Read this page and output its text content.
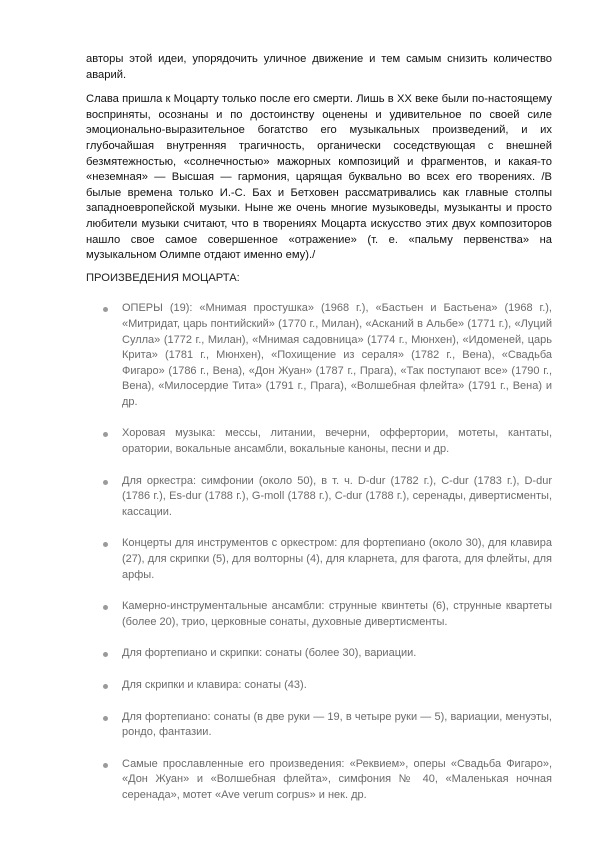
авторы этой идеи, упорядочить уличное движение и тем самым снизить количество аварий.

Слава пришла к Моцарту только после его смерти. Лишь в XX веке были по-настоящему восприняты, осознаны и по достоинству оценены и удивительное по своей силе эмоционально-выразительное богатство его музыкальных произведений, и их глубочайшая внутренняя трагичность, органически соседствующая с внешней безмятежностью, «солнечностью» мажорных композиций и фрагментов, и какая-то «неземная» — Высшая — гармония, царящая буквально во всех его творениях. /В былые времена только И.-С. Бах и Бетховен рассматривались как главные столпы западноевропейской музыки. Ныне же очень многие музыковеды, музыканты и просто любители музыки считают, что в творениях Моцарта искусство этих двух композиторов нашло свое самое совершенное «отражение» (т. е. «пальму первенства» на музыкальном Олимпе отдают именно ему)./

ПРОИЗВЕДЕНИЯ МОЦАРТА:

ОПЕРЫ (19): «Мнимая простушка» (1968 г.), «Бастьен и Бастьена» (1968 г.), «Митридат, царь понтийский» (1770 г., Милан), «Асканий в Альбе» (1771 г.), «Луций Сулла» (1772 г., Милан), «Мнимая садовница» (1774 г., Мюнхен), «Идоменей, царь Крита» (1781 г., Мюнхен), «Похищение из сераля» (1782 г., Вена), «Свадьба Фигаро» (1786 г., Вена), «Дон Жуан» (1787 г., Прага), «Так поступают все» (1790 г., Вена), «Милосердие Тита» (1791 г., Прага), «Волшебная флейта» (1791 г., Вена) и др.
Хоровая музыка: мессы, литании, вечерни, оффертории, мотеты, кантаты, оратории, вокальные ансамбли, вокальные каноны, песни и др.
Для оркестра: симфонии (около 50), в т. ч. D-dur (1782 г.), C-dur (1783 г.), D-dur (1786 г.), Es-dur (1788 г.), G-moll (1788 г.), C-dur (1788 г.), серенады, дивертисменты, кассации.
Концерты для инструментов с оркестром: для фортепиано (около 30), для клавира (27), для скрипки (5), для волторны (4), для кларнета, для фагота, для флейты, для арфы.
Камерно-инструментальные ансамбли: струнные квинтеты (6), струнные квартеты (более 20), трио, церковные сонаты, духовные дивертисменты.
Для фортепиано и скрипки: сонаты (более 30), вариации.
Для скрипки и клавира: сонаты (43).
Для фортепиано: сонаты (в две руки — 19, в четыре руки — 5), вариации, менуэты, рондо, фантазии.
Самые прославленные его произведения: «Реквием», оперы «Свадьба Фигаро», «Дон Жуан» и «Волшебная флейта», симфония № 40, «Маленькая ночная серенада», мотет «Ave verum corpus» и нек. др.
